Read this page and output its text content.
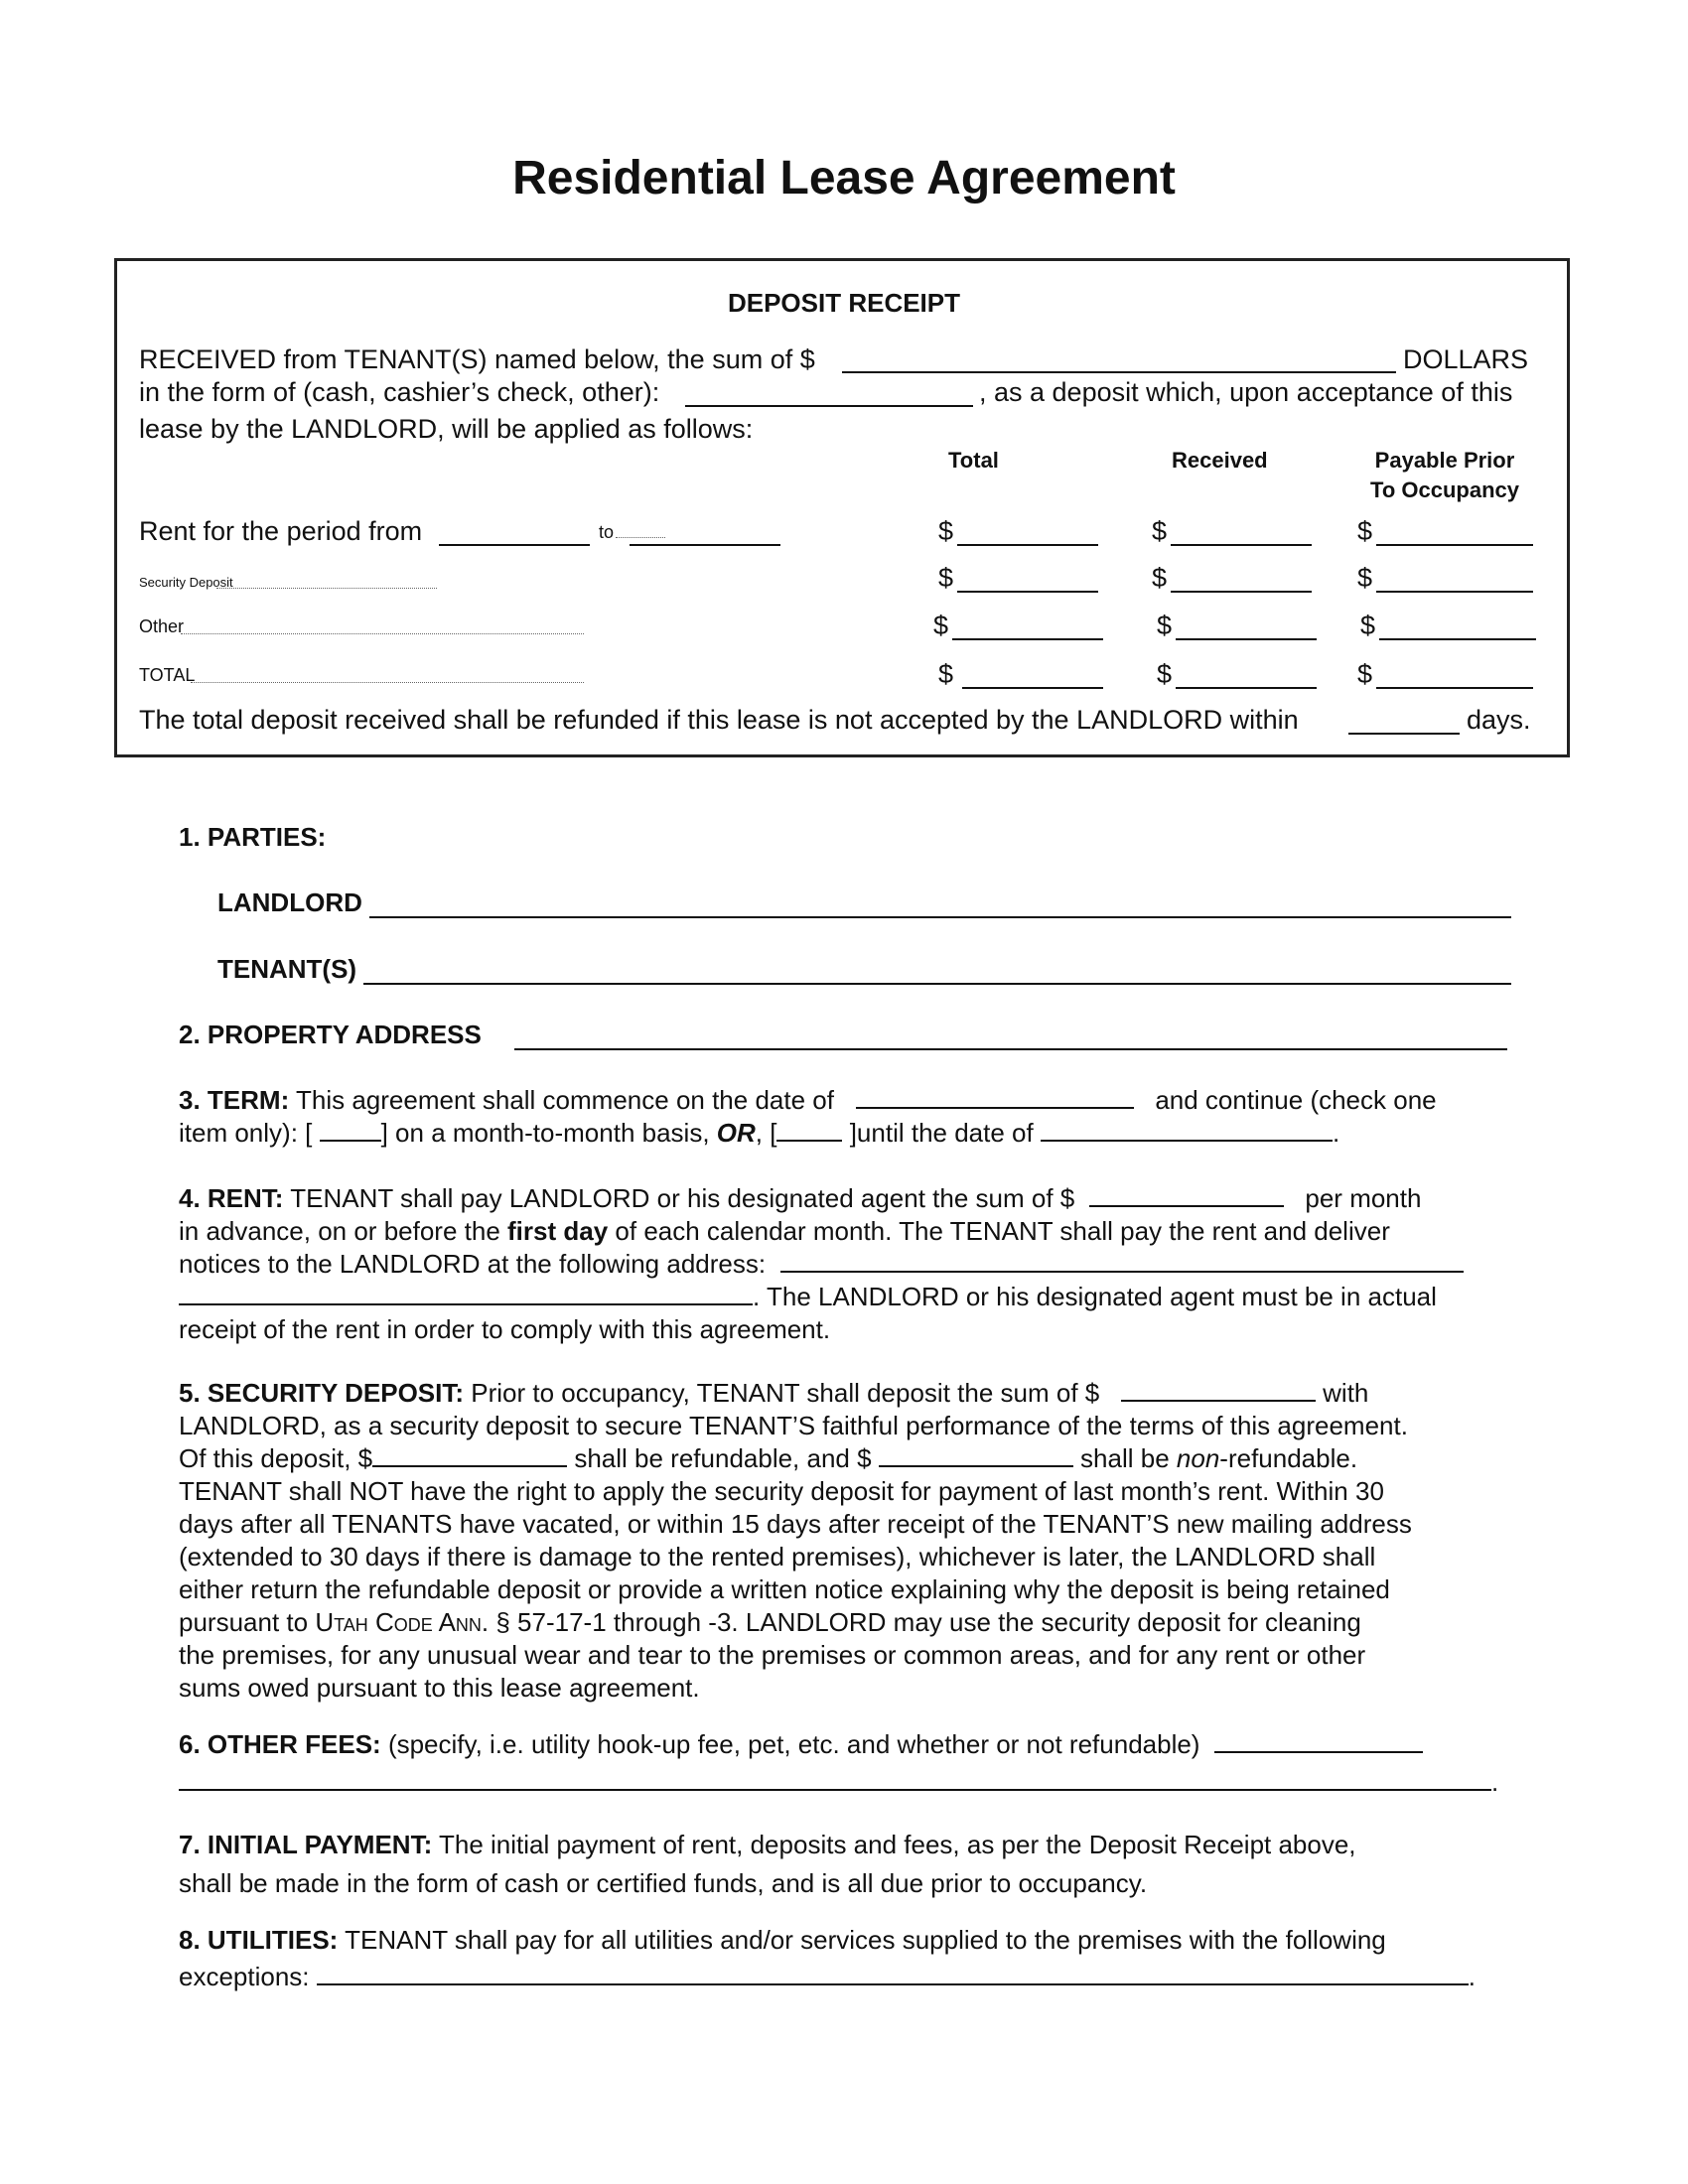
Residential Lease Agreement
DEPOSIT RECEIPT
RECEIVED from TENANT(S) named below, the sum of $	DOLLARS
in the form of (cash, cashier’s check, other):	, as a deposit which, upon acceptance of this
lease by the LANDLORD, will be applied as follows:
Total	Received	Payable Prior
To Occupancy
Rent for the period from	to	$	$	$
Security Deposit	$	$	$
Other	$	$	$
TOTAL	$	$	$
The total deposit received shall be refunded if this lease is not accepted by the LANDLORD within	days.
1. PARTIES:
LANDLORD
TENANT(S)
2. PROPERTY ADDRESS

3. TERM: This agreement shall commence on the date of	and continue (check one

item only): [	] on a month-to-month basis, OR, [	]until the date of	.

4. RENT: TENANT shall pay LANDLORD or his designated agent the sum of $	per month

in advance, on or before the first day of each calendar month. The TENANT shall pay the rent and deliver

notices to the LANDLORD at the following address:

. The LANDLORD or his designated agent must be in actual

receipt of the rent in order to comply with this agreement.

5. SECURITY DEPOSIT: Prior to occupancy, TENANT shall deposit the sum of $	with

LANDLORD, as a security deposit to secure TENANT’S faithful performance of the terms of this agreement.

Of this deposit, $	shall be refundable, and $	shall be non-refundable.

TENANT shall NOT have the right to apply the security deposit for payment of last month’s rent. Within 30

days after all TENANTS have vacated, or within 15 days after receipt of the TENANT’S new mailing address

(extended to 30 days if there is damage to the rented premises), whichever is later, the LANDLORD shall

either return the refundable deposit or provide a written notice explaining why the deposit is being retained

pursuant to Utah Code Ann. § 57-17-1 through -3. LANDLORD may use the security deposit for cleaning

the premises, for any unusual wear and tear to the premises or common areas, and for any rent or other

sums owed pursuant to this lease agreement.

6. OTHER FEES: (specify, i.e. utility hook-up fee, pet, etc. and whether or not refundable)

.

7. INITIAL PAYMENT: The initial payment of rent, deposits and fees, as per the Deposit Receipt above,

shall be made in the form of cash or certified funds, and is all due prior to occupancy.

8. UTILITIES: TENANT shall pay for all utilities and/or services supplied to the premises with the following

exceptions:	.
